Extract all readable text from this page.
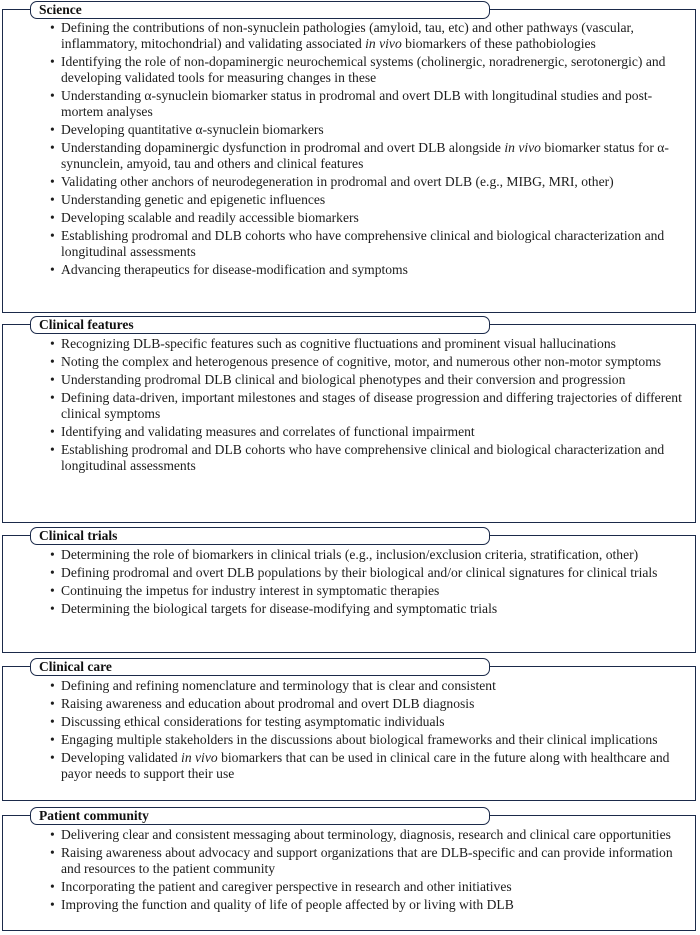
Science
• Defining the contributions of non-synuclein pathologies (amyloid, tau, etc) and other pathways (vascular, inflammatory, mitochondrial) and validating associated in vivo biomarkers of these pathobiologies
• Identifying the role of non-dopaminergic neurochemical systems (cholinergic, noradrenergic, serotonergic) and developing validated tools for measuring changes in these
• Understanding α-synuclein biomarker status in prodromal and overt DLB with longitudinal studies and post-mortem analyses
• Developing quantitative α-synuclein biomarkers
• Understanding dopaminergic dysfunction in prodromal and overt DLB alongside in vivo biomarker status for α-synunclein, amyoid, tau and others and clinical features
• Validating other anchors of neurodegeneration in prodromal and overt DLB (e.g., MIBG, MRI, other)
• Understanding genetic and epigenetic influences
• Developing scalable and readily accessible biomarkers
• Establishing prodromal and DLB cohorts who have comprehensive clinical and biological characterization and longitudinal assessments
• Advancing therapeutics for disease-modification and symptoms
Clinical features
• Recognizing DLB-specific features such as cognitive fluctuations and prominent visual hallucinations
• Noting the complex and heterogenous presence of cognitive, motor, and numerous other non-motor symptoms
• Understanding prodromal DLB clinical and biological phenotypes and their conversion and progression
• Defining data-driven, important milestones and stages of disease progression and differing trajectories of different clinical symptoms
• Identifying and validating measures and correlates of functional impairment
• Establishing prodromal and DLB cohorts who have comprehensive clinical and biological characterization and longitudinal assessments
Clinical trials
• Determining the role of biomarkers in clinical trials (e.g., inclusion/exclusion criteria, stratification, other)
• Defining prodromal and overt DLB populations by their biological and/or clinical signatures for clinical trials
• Continuing the impetus for industry interest in symptomatic therapies
• Determining the biological targets for disease-modifying and symptomatic trials
Clinical care
• Defining and refining nomenclature and terminology that is clear and consistent
• Raising awareness and education about prodromal and overt DLB diagnosis
• Discussing ethical considerations for testing asymptomatic individuals
• Engaging multiple stakeholders in the discussions about biological frameworks and their clinical implications
• Developing validated in vivo biomarkers that can be used in clinical care in the future along with healthcare and payor needs to support their use
Patient community
• Delivering clear and consistent messaging about terminology, diagnosis, research and clinical care opportunities
• Raising awareness about advocacy and support organizations that are DLB-specific and can provide information and resources to the patient community
• Incorporating the patient and caregiver perspective in research and other initiatives
• Improving the function and quality of life of people affected by or living with DLB
